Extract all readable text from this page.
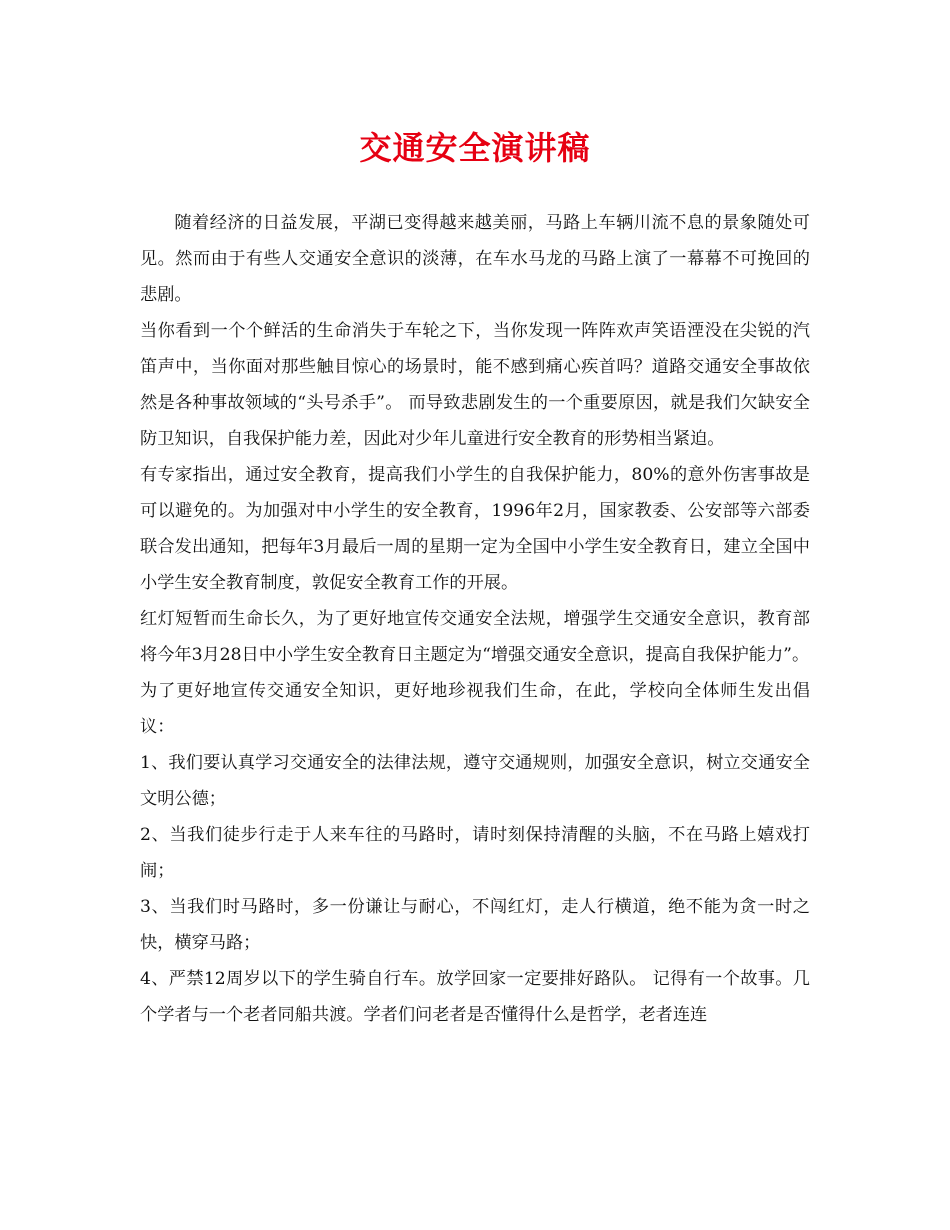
交通安全演讲稿

随着经济的日益发展，平湖已变得越来越美丽，马路上车辆川流不息的景象随处可见。然而由于有些人交通安全意识的淡薄，在车水马龙的马路上演了一幕幕不可挽回的悲剧。

当你看到一个个鲜活的生命消失于车轮之下，当你发现一阵阵欢声笑语湮没在尖锐的汽笛声中，当你面对那些触目惊心的场景时，能不感到痛心疾首吗？道路交通安全事故依然是各种事故领域的“头号杀手”。 而导致悲剧发生的一个重要原因，就是我们欠缺安全防卫知识，自我保护能力差，因此对少年儿童进行安全教育的形势相当紧迫。

有专家指出，通过安全教育，提高我们小学生的自我保护能力，80%的意外伤害事故是可以避免的。为加强对中小学生的安全教育，1996年2月，国家教委、公安部等六部委联合发出通知，把每年3月最后一周的星期一定为全国中小学生安全教育日，建立全国中小学生安全教育制度，敦促安全教育工作的开展。

红灯短暂而生命长久，为了更好地宣传交通安全法规，增强学生交通安全意识，教育部将今年3月28日中小学生安全教育日主题定为“增强交通安全意识，提高自我保护能力”。

为了更好地宣传交通安全知识，更好地珍视我们生命，在此，学校向全体师生发出倡议：

1、我们要认真学习交通安全的法律法规，遵守交通规则，加强安全意识，树立交通安全文明公德；

2、当我们徒步行走于人来车往的马路时，请时刻保持清醒的头脑，不在马路上嬉戏打闹；

3、当我们时马路时，多一份谦让与耐心，不闯红灯，走人行横道，绝不能为贪一时之快，横穿马路；

4、严禁12周岁以下的学生骑自行车。放学回家一定要排好路队。 记得有一个故事。几个学者与一个老者同船共渡。学者们问老者是否懂得什么是哲学，老者连连
